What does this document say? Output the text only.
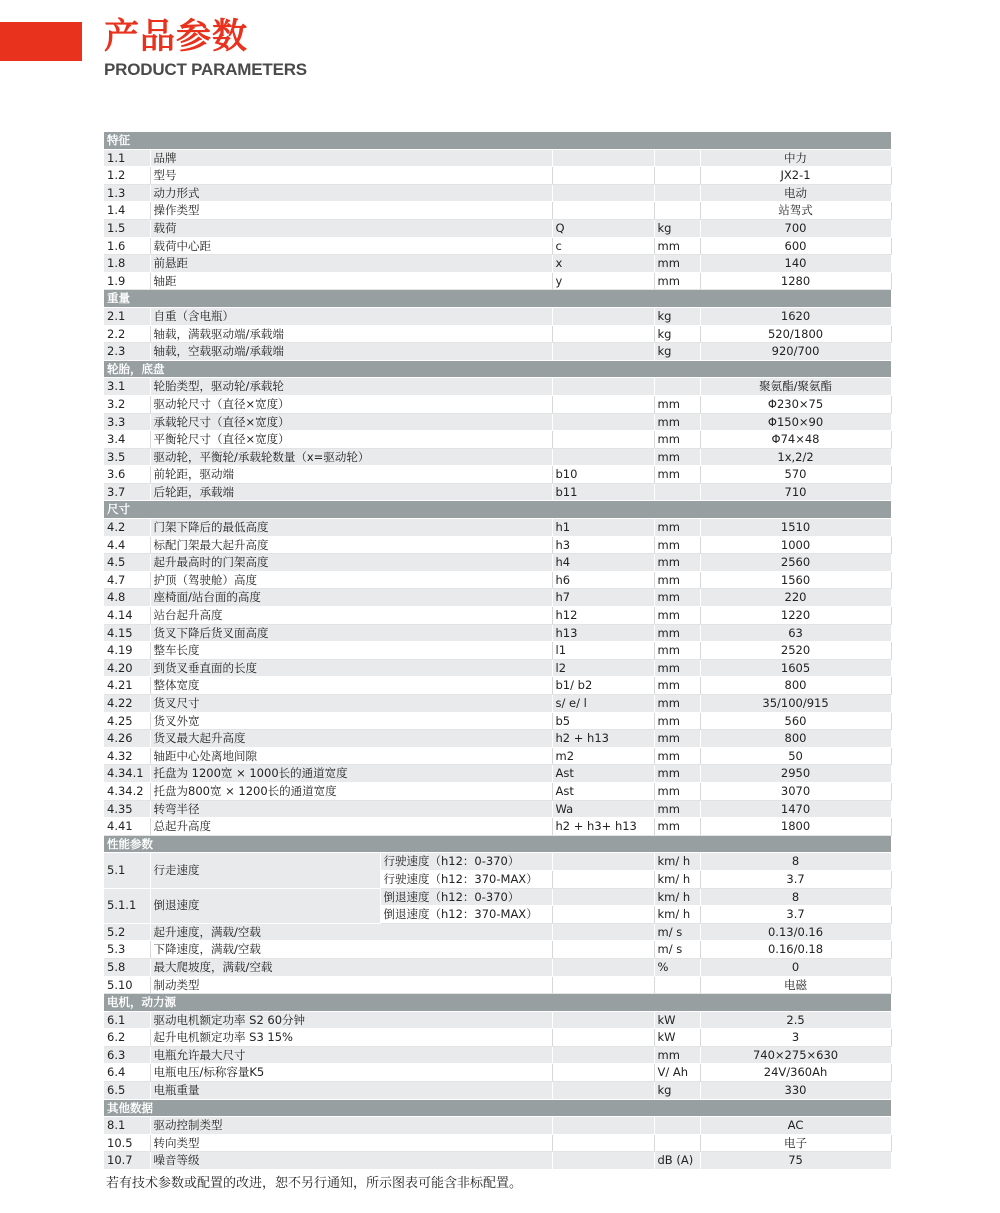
产品参数
PRODUCT PARAMETERS
特征					
1.1	品牌				中力
1.2	型号				JX2-1
1.3	动力形式				电动
1.4	操作类型				站驾式
1.5	载荷		Q	kg	700
1.6	载荷中心距		c	mm	600
1.8	前悬距		x	mm	140
1.9	轴距		y	mm	1280
重量					
2.1	自重（含电瓶）			kg	1620
2.2	轴载，满载驱动端/承载端			kg	520/1800
2.3	轴载，空载驱动端/承载端			kg	920/700
轮胎，底盘					
3.1	轮胎类型，驱动轮/承载轮				聚氨酯/聚氨酯
3.2	驱动轮尺寸（直径×宽度）			mm	Φ230×75
3.3	承载轮尺寸（直径×宽度）			mm	Φ150×90
3.4	平衡轮尺寸（直径×宽度）			mm	Φ74×48
3.5	驱动轮，平衡轮/承载轮数量（x=驱动轮）			mm	1x,2/2
3.6	前轮距，驱动端		b10	mm	570
3.7	后轮距，承载端		b11		710
尺寸					
4.2	门架下降后的最低高度		h1	mm	1510
4.4	标配门架最大起升高度		h3	mm	1000
4.5	起升最高时的门架高度		h4	mm	2560
4.7	护顶（驾驶舱）高度		h6	mm	1560
4.8	座椅面/站台面的高度		h7	mm	220
4.14	站台起升高度		h12	mm	1220
4.15	货叉下降后货叉面高度		h13	mm	63
4.19	整车长度		l1	mm	2520
4.20	到货叉垂直面的长度		l2	mm	1605
4.21	整体宽度		b1/ b2	mm	800
4.22	货叉尺寸		s/ e/ l	mm	35/100/915
4.25	货叉外宽		b5	mm	560
4.26	货叉最大起升高度		h2 + h13	mm	800
4.32	轴距中心处离地间隙		m2	mm	50
4.34.1	托盘为 1200宽 × 1000长的通道宽度		Ast	mm	2950
4.34.2	托盘为800宽 × 1200长的通道宽度		Ast	mm	3070
4.35	转弯半径		Wa	mm	1470
4.41	总起升高度		h2 + h3+ h13	mm	1800
性能参数					
5.1	行走速度	行驶速度（h12：0-370）		km/ h	8
		行驶速度（h12：370-MAX）		km/ h	3.7
5.1.1	倒退速度	倒退速度（h12：0-370）		km/ h	8
		倒退速度（h12：370-MAX）		km/ h	3.7
5.2	起升速度，满载/空载			m/ s	0.13/0.16
5.3	下降速度，满载/空载			m/ s	0.16/0.18
5.8	最大爬坡度，满载/空载			%	0
5.10	制动类型				电磁
电机，动力源					
6.1	驱动电机额定功率 S2 60分钟			kW	2.5
6.2	起升电机额定功率 S3 15%			kW	3
6.3	电瓶允许最大尺寸			mm	740×275×630
6.4	电瓶电压/标称容量K5			V/ Ah	24V/360Ah
6.5	电瓶重量			kg	330
其他数据					
8.1	驱动控制类型				AC
10.5	转向类型				电子
10.7	噪音等级			dB (A)	75
若有技术参数或配置的改进，恕不另行通知，所示图表可能含非标配置。
